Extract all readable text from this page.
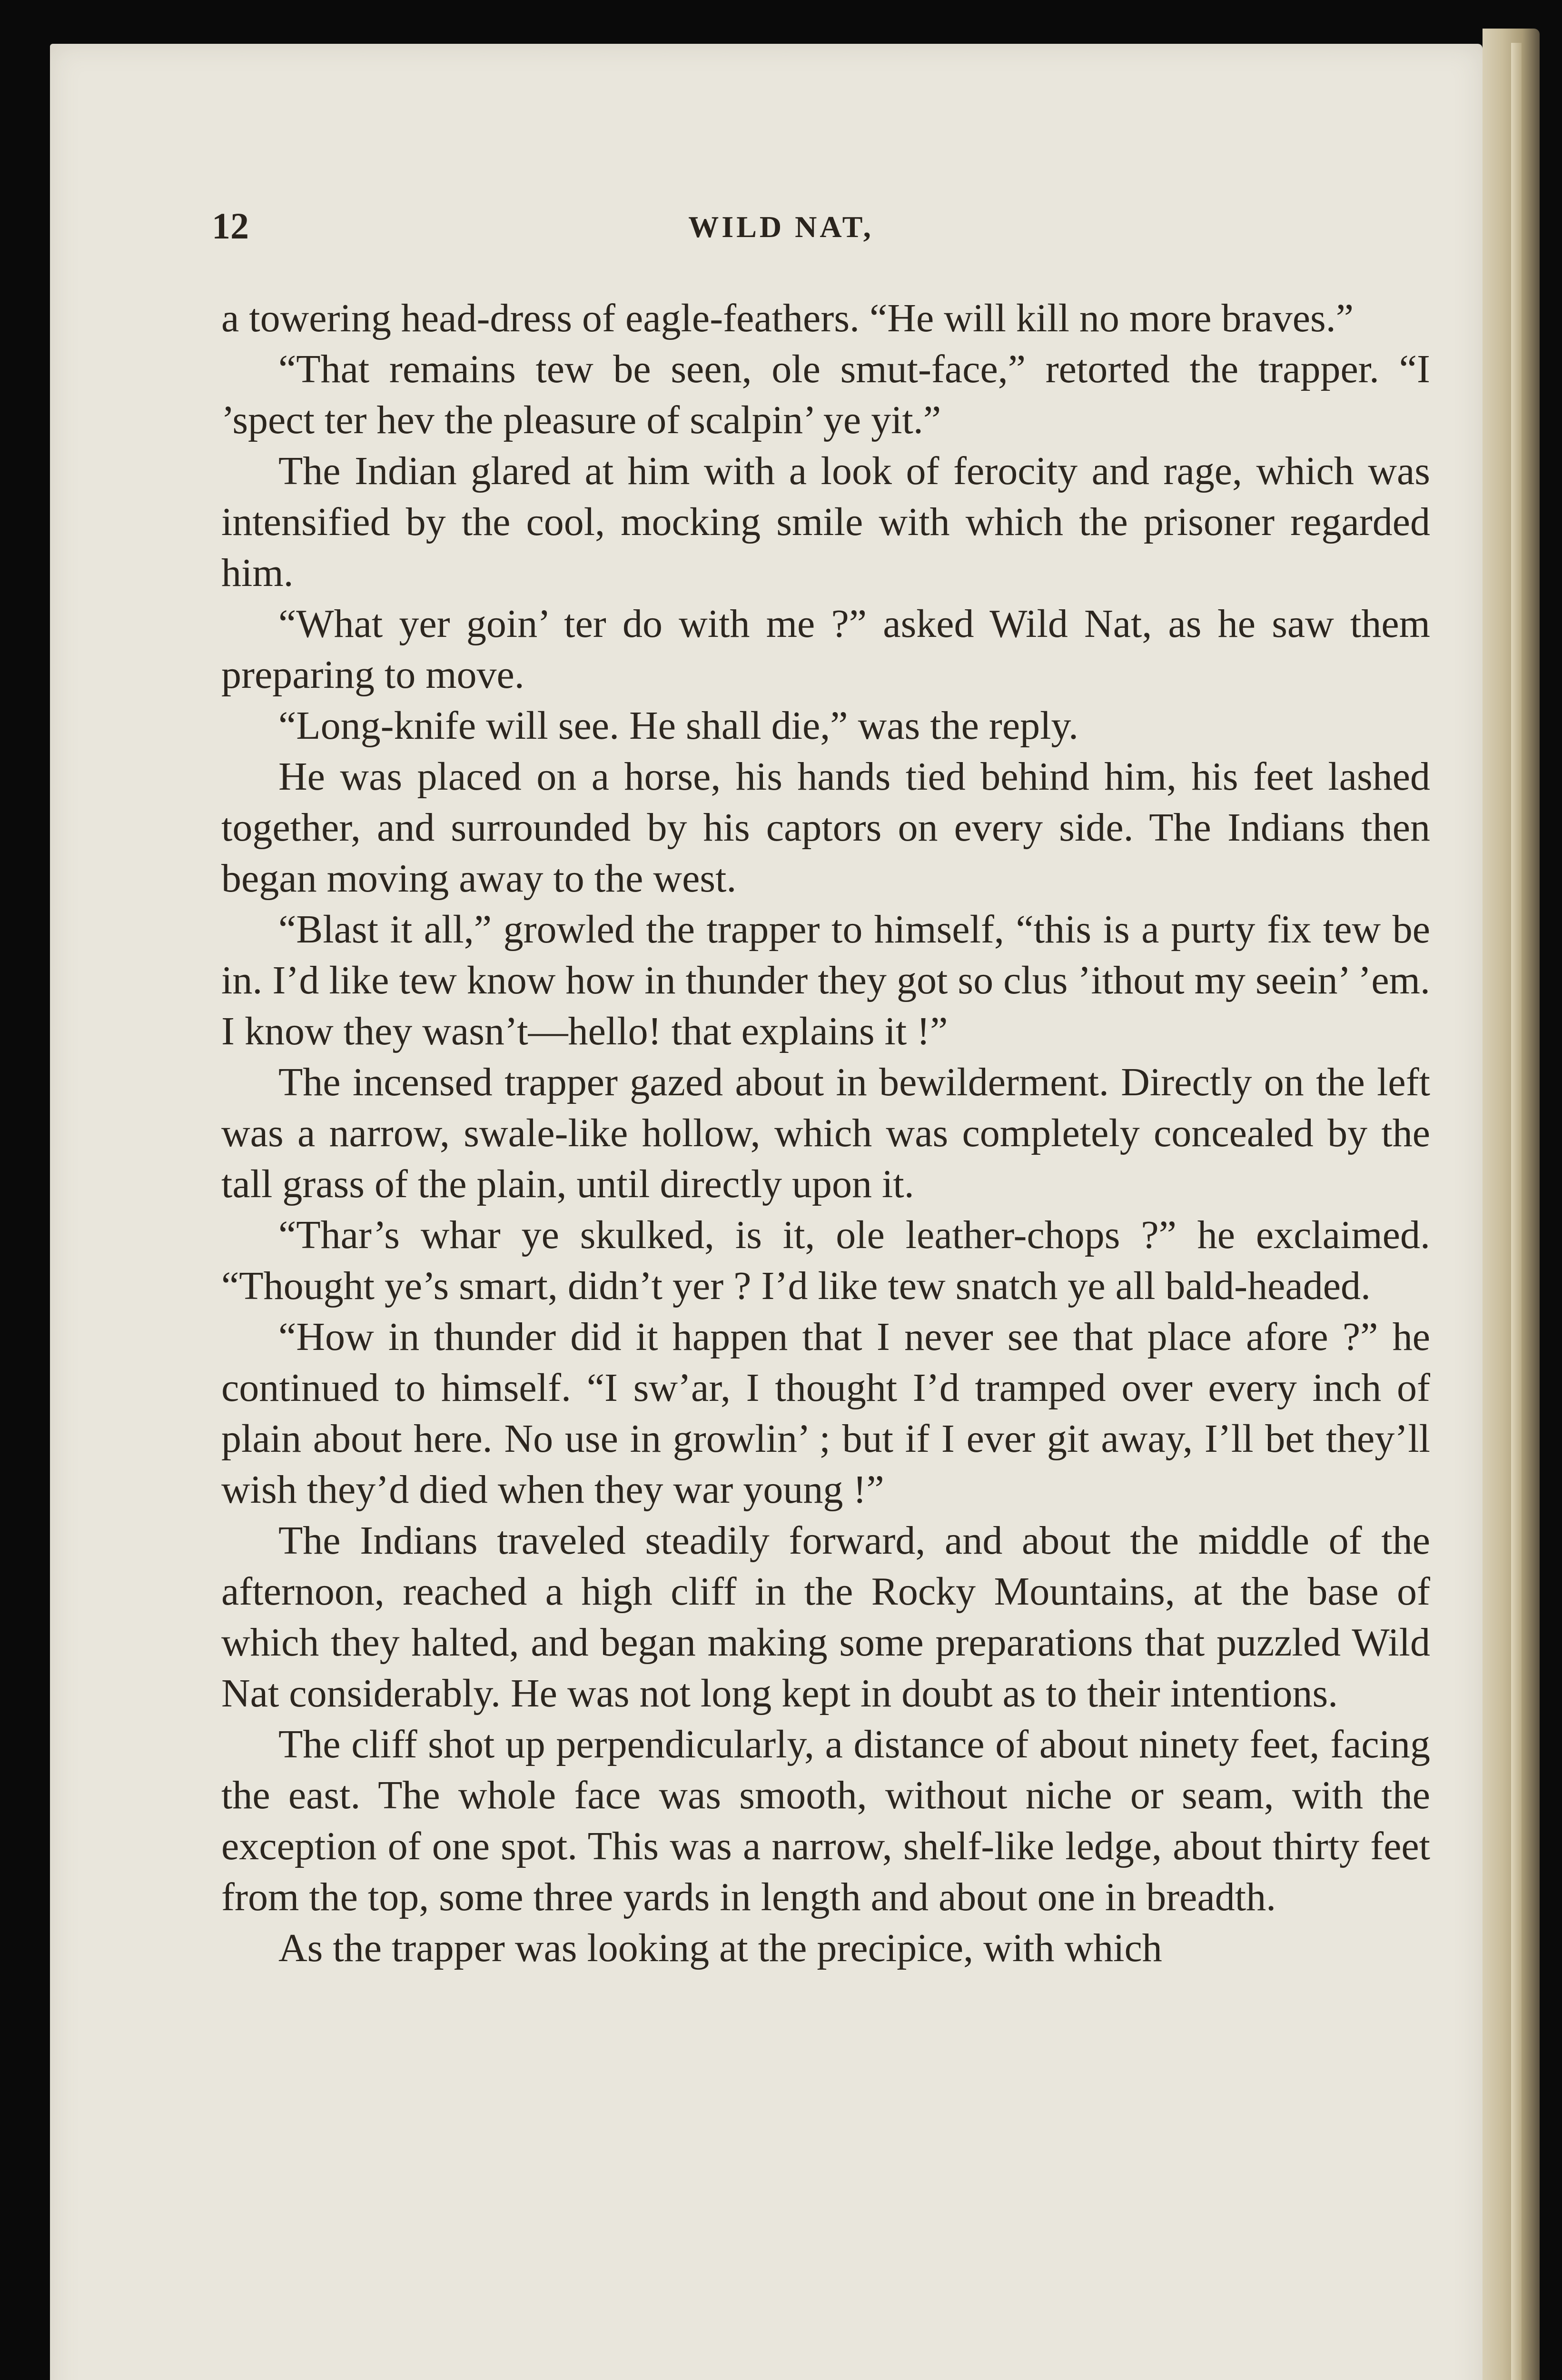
12	WILD NAT,

a towering head-dress of eagle-feathers. “He will kill no more braves.”

“That remains tew be seen, ole smut-face,” retorted the trapper. “I ’spect ter hev the pleasure of scalpin’ ye yit.”

The Indian glared at him with a look of ferocity and rage, which was intensified by the cool, mocking smile with which the prisoner regarded him.

“What yer goin’ ter do with me ?” asked Wild Nat, as he saw them preparing to move.

“Long-knife will see. He shall die,” was the reply.

He was placed on a horse, his hands tied behind him, his feet lashed together, and surrounded by his captors on every side. The Indians then began moving away to the west.

“Blast it all,” growled the trapper to himself, “this is a purty fix tew be in. I’d like tew know how in thunder they got so clus ’ithout my seein’ ’em. I know they wasn’t—hello! that explains it !”

The incensed trapper gazed about in bewilderment. Directly on the left was a narrow, swale-like hollow, which was completely concealed by the tall grass of the plain, until directly upon it.

“Thar’s whar ye skulked, is it, ole leather-chops ?” he exclaimed. “Thought ye’s smart, didn’t yer ? I’d like tew snatch ye all bald-headed.

“How in thunder did it happen that I never see that place afore ?” he continued to himself. “I sw’ar, I thought I’d tramped over every inch of plain about here. No use in growlin’ ; but if I ever git away, I’ll bet they’ll wish they’d died when they war young !”

The Indians traveled steadily forward, and about the middle of the afternoon, reached a high cliff in the Rocky Mountains, at the base of which they halted, and began making some preparations that puzzled Wild Nat considerably. He was not long kept in doubt as to their intentions.

The cliff shot up perpendicularly, a distance of about ninety feet, facing the east. The whole face was smooth, without niche or seam, with the exception of one spot. This was a narrow, shelf-like ledge, about thirty feet from the top, some three yards in length and about one in breadth.

As the trapper was looking at the precipice, with which
